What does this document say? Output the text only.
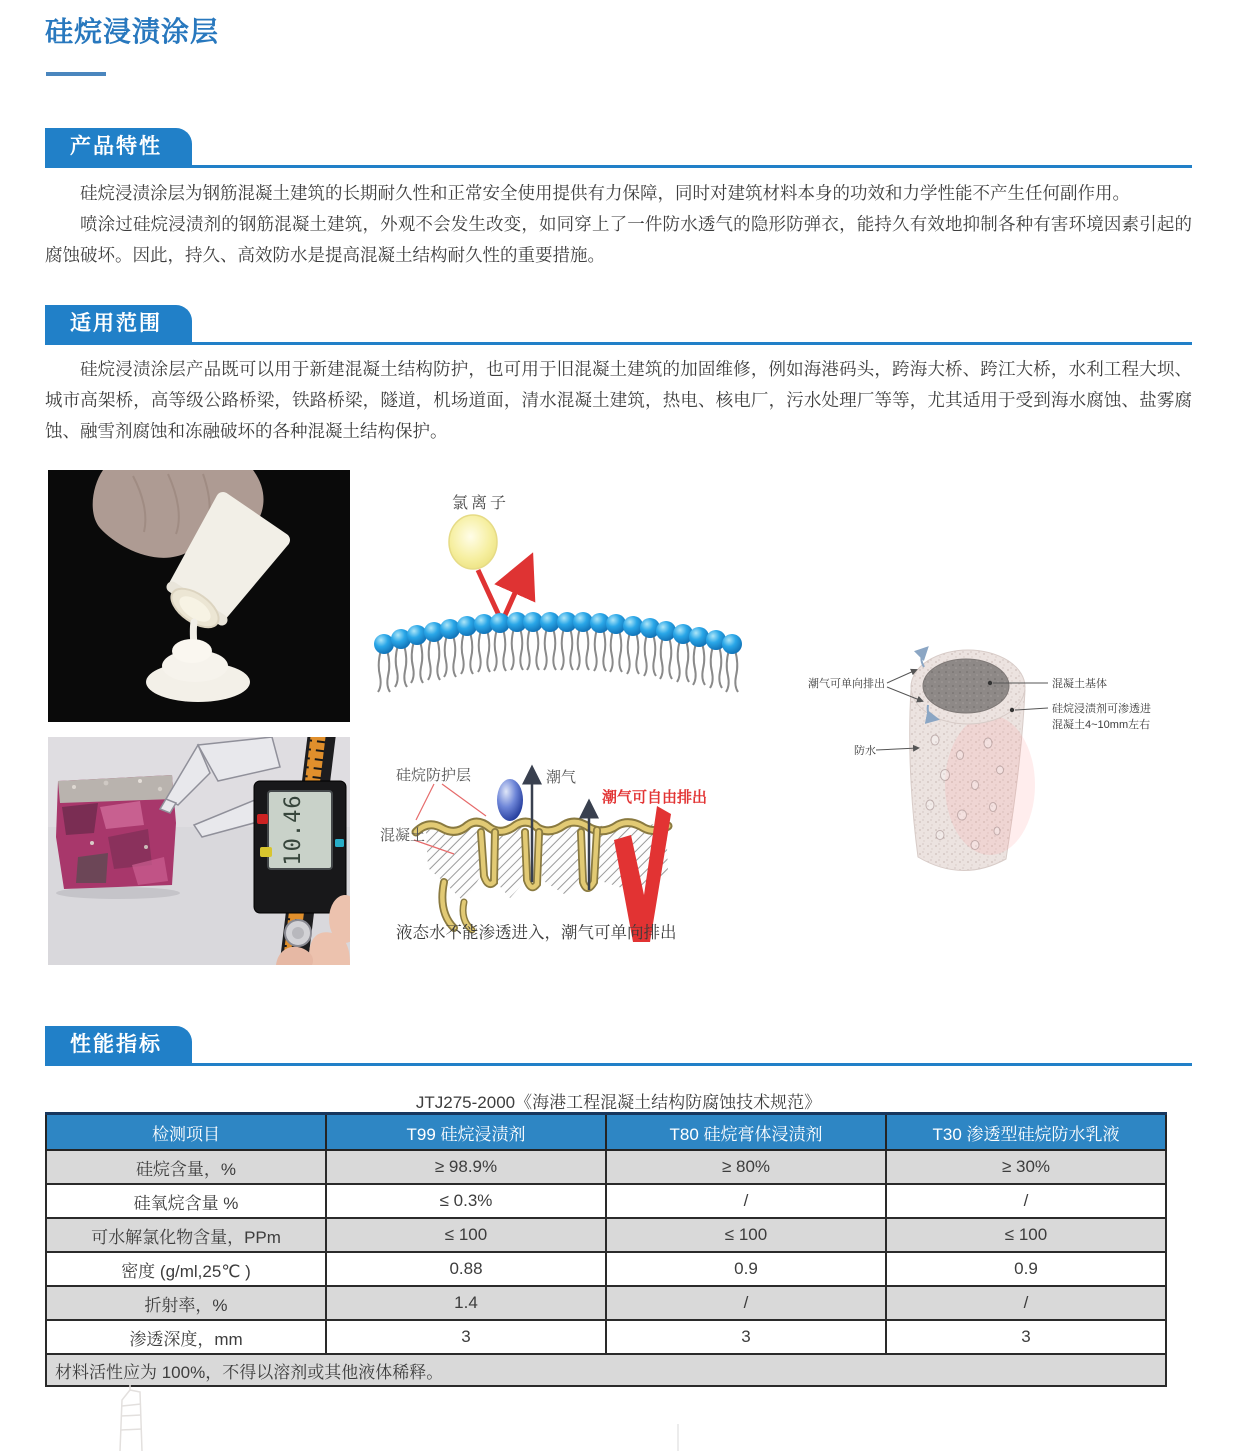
硅烷浸渍涂层
产品特性

硅烷浸渍涂层为钢筋混凝土建筑的长期耐久性和正常安全使用提供有力保障，同时对建筑材料本身的功效和力学性能不产生任何副作用。

喷涂过硅烷浸渍剂的钢筋混凝土建筑，外观不会发生改变，如同穿上了一件防水透气的隐形防弹衣，能持久有效地抑制各种有害环境因素引起的腐蚀破坏。因此，持久、高效防水是提高混凝土结构耐久性的重要措施。

适用范围

硅烷浸渍涂层产品既可以用于新建混凝土结构防护，也可用于旧混凝土建筑的加固维修，例如海港码头，跨海大桥、跨江大桥，水利工程大坝、城市高架桥，高等级公路桥梁，铁路桥梁，隧道，机场道面，清水混凝土建筑，热电、核电厂，污水处理厂等等，尤其适用于受到海水腐蚀、盐雾腐蚀、融雪剂腐蚀和冻融破坏的各种混凝土结构保护。

氯离子
潮气可单向排出	混凝土基体
硅烷浸渍剂可渗透进
混凝土4~10mm左右
防水
10.46
硅烷防护层	潮气
潮气可自由排出
混凝土
液态水不能渗透进入，潮气可单向排出
性能指标
JTJ275-2000《海港工程混凝土结构防腐蚀技术规范》
检测项目	T99 硅烷浸渍剂	T80 硅烷膏体浸渍剂	T30 渗透型硅烷防水乳液
硅烷含量，%	≥ 98.9%	≥ 80%	≥ 30%
硅氧烷含量 %	≤ 0.3%	/	/
可水解氯化物含量，PPm	≤ 100	≤ 100	≤ 100
密度 (g/ml,25℃ )	0.88	0.9	0.9
折射率，%	1.4	/	/
渗透深度，mm	3	3	3
材料活性应为 100%，不得以溶剂或其他液体稀释。			
